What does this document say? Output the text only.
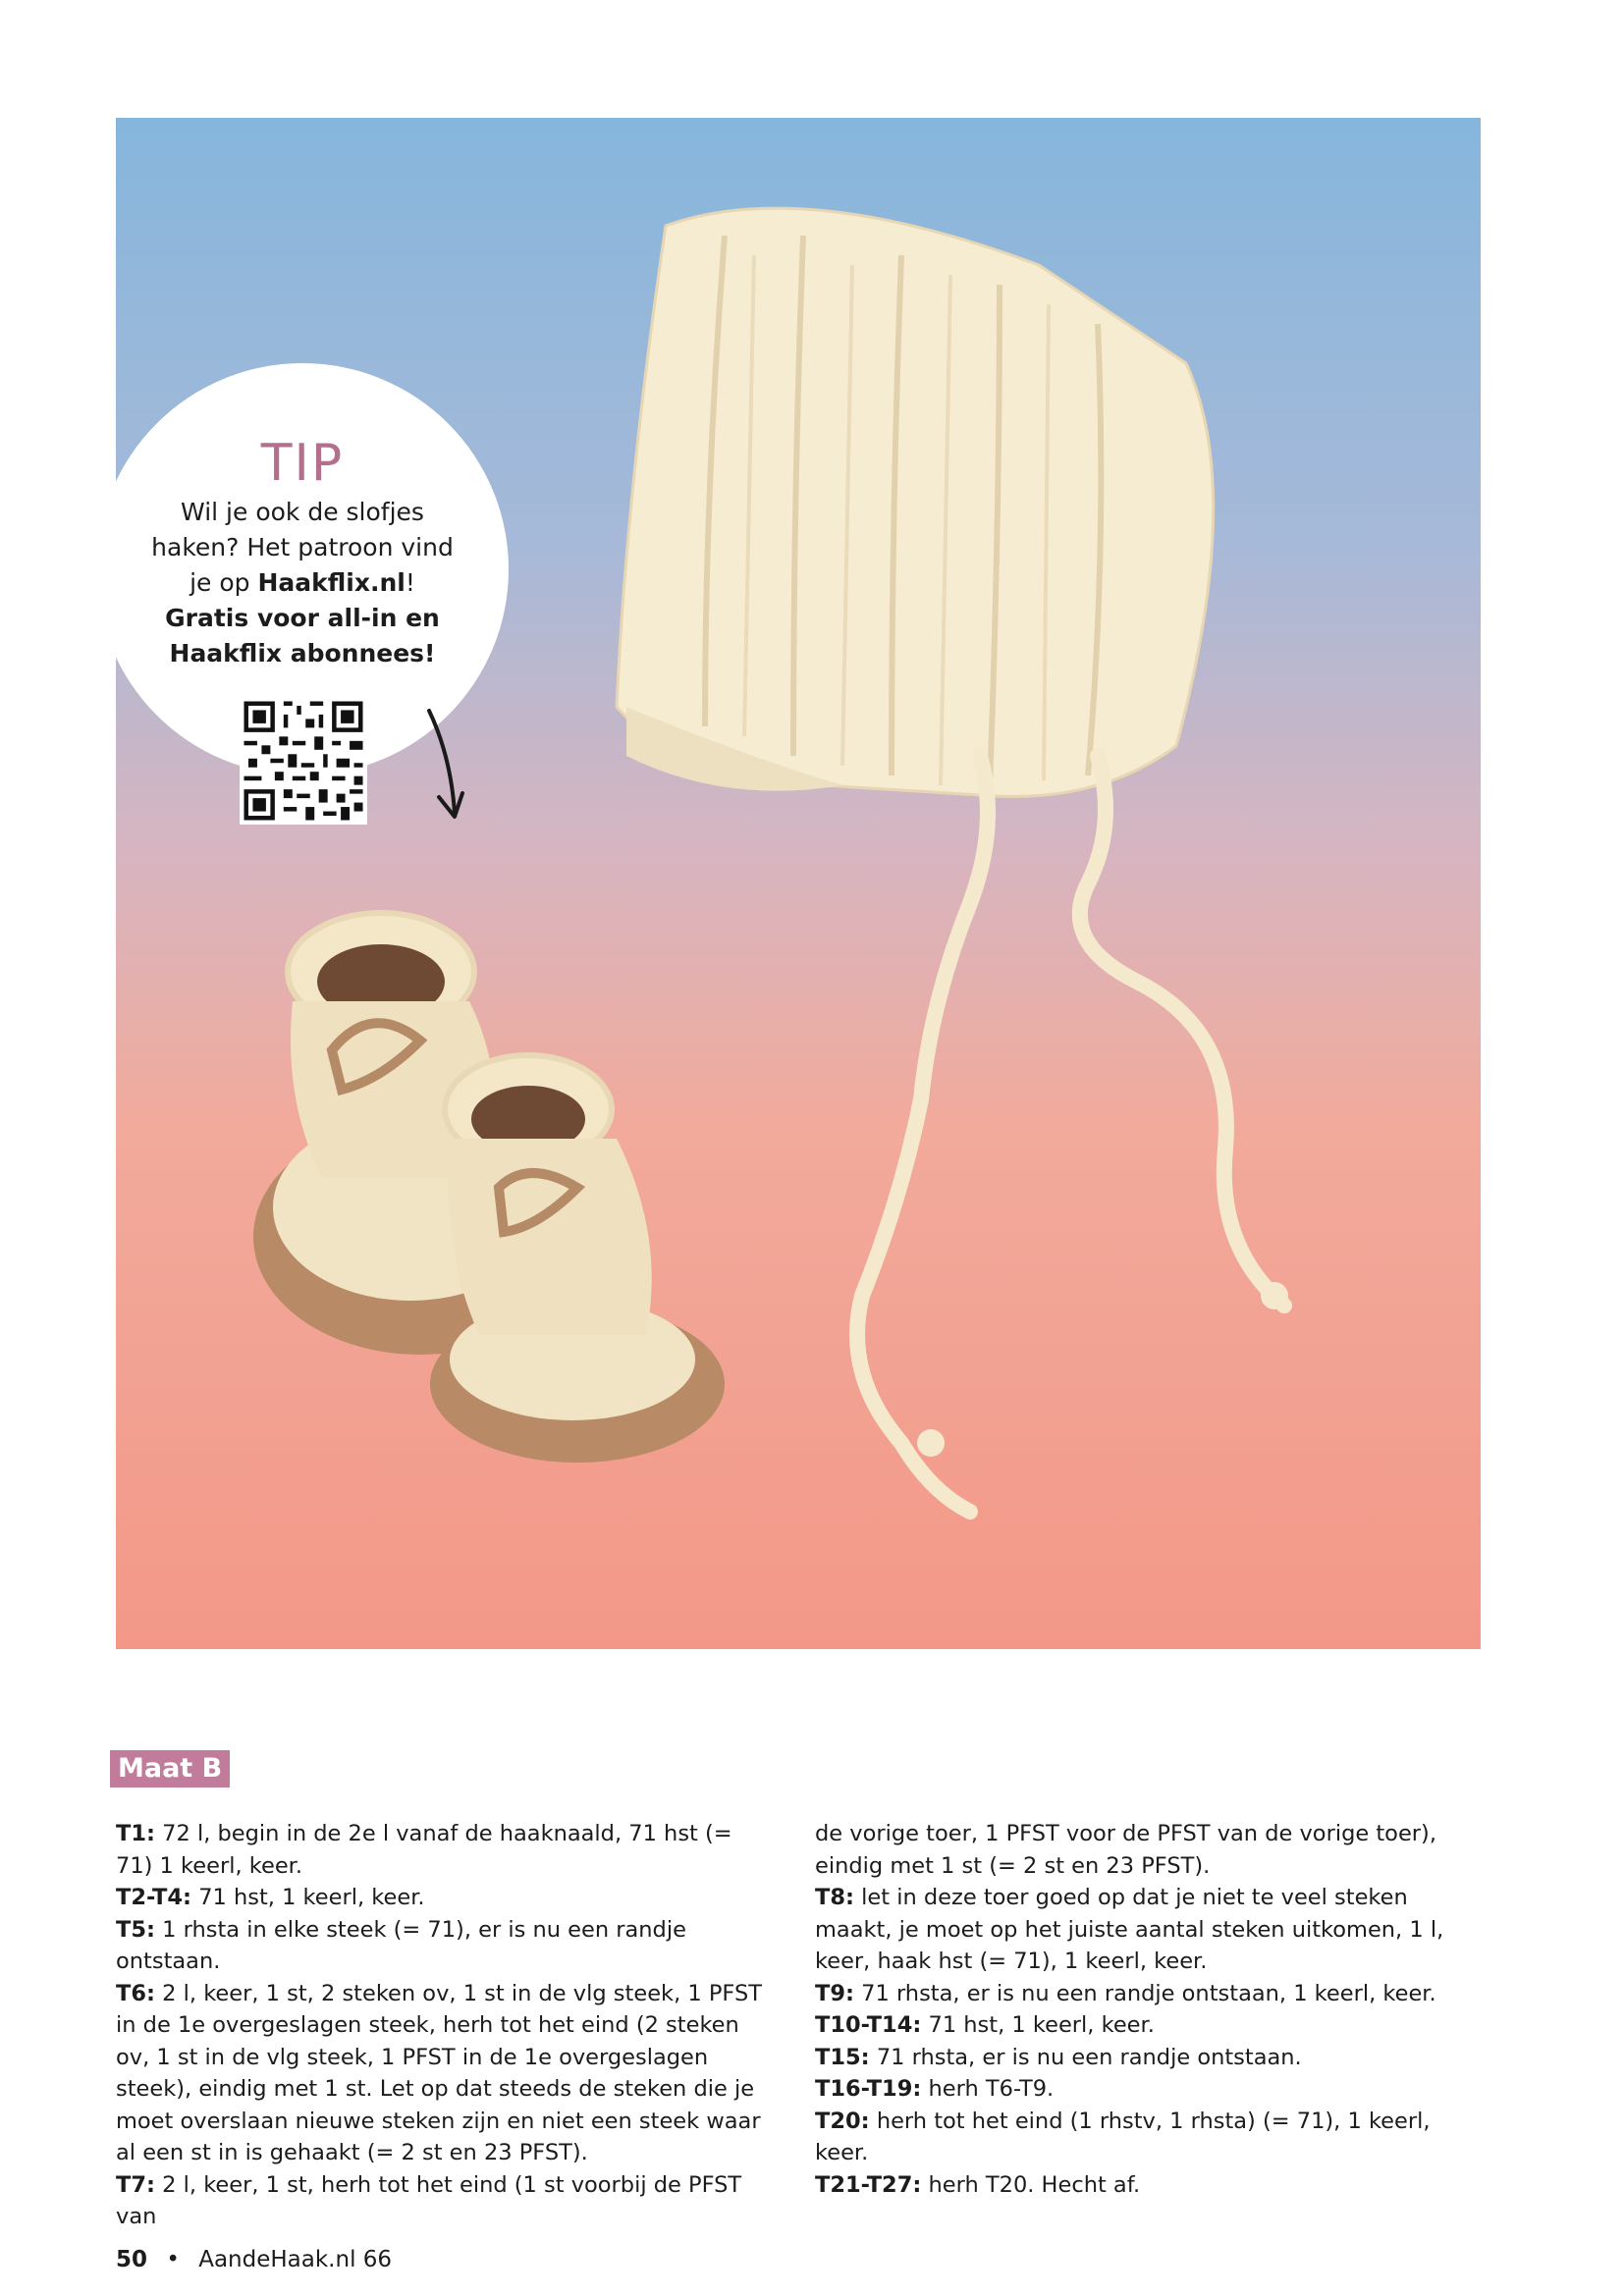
TIP
Wil je ook de slofjes
haken? Het patroon vind
je op Haakflix.nl!
Gratis voor all-in en
Haakflix abonnees!
Maat B

T1: 72 l, begin in de 2e l vanaf de haaknaald, 71 hst (= 71) 1 keerl, keer.

T2-T4: 71 hst, 1 keerl, keer.

T5: 1 rhsta in elke steek (= 71), er is nu een randje ontstaan.

T6: 2 l, keer, 1 st, 2 steken ov, 1 st in de vlg steek, 1 PFST in de 1e overgeslagen steek, herh tot het eind (2 steken ov, 1 st in de vlg steek, 1 PFST in de 1e overgeslagen steek), eindig met 1 st. Let op dat steeds de steken die je moet overslaan nieuwe steken zijn en niet een steek waar al een st in is gehaakt (= 2 st en 23 PFST).

T7: 2 l, keer, 1 st, herh tot het eind (1 st voorbij de PFST van

de vorige toer, 1 PFST voor de PFST van de vorige toer), eindig met 1 st (= 2 st en 23 PFST).

T8: let in deze toer goed op dat je niet te veel steken maakt, je moet op het juiste aantal steken uitkomen, 1 l, keer, haak hst (= 71), 1 keerl, keer.

T9: 71 rhsta, er is nu een randje ontstaan, 1 keerl, keer.

T10-T14: 71 hst, 1 keerl, keer.

T15: 71 rhsta, er is nu een randje ontstaan.

T16-T19: herh T6-T9.

T20: herh tot het eind (1 rhstv, 1 rhsta) (= 71), 1 keerl, keer.

T21-T27: herh T20. Hecht af.

50 • AandeHaak.nl 66
